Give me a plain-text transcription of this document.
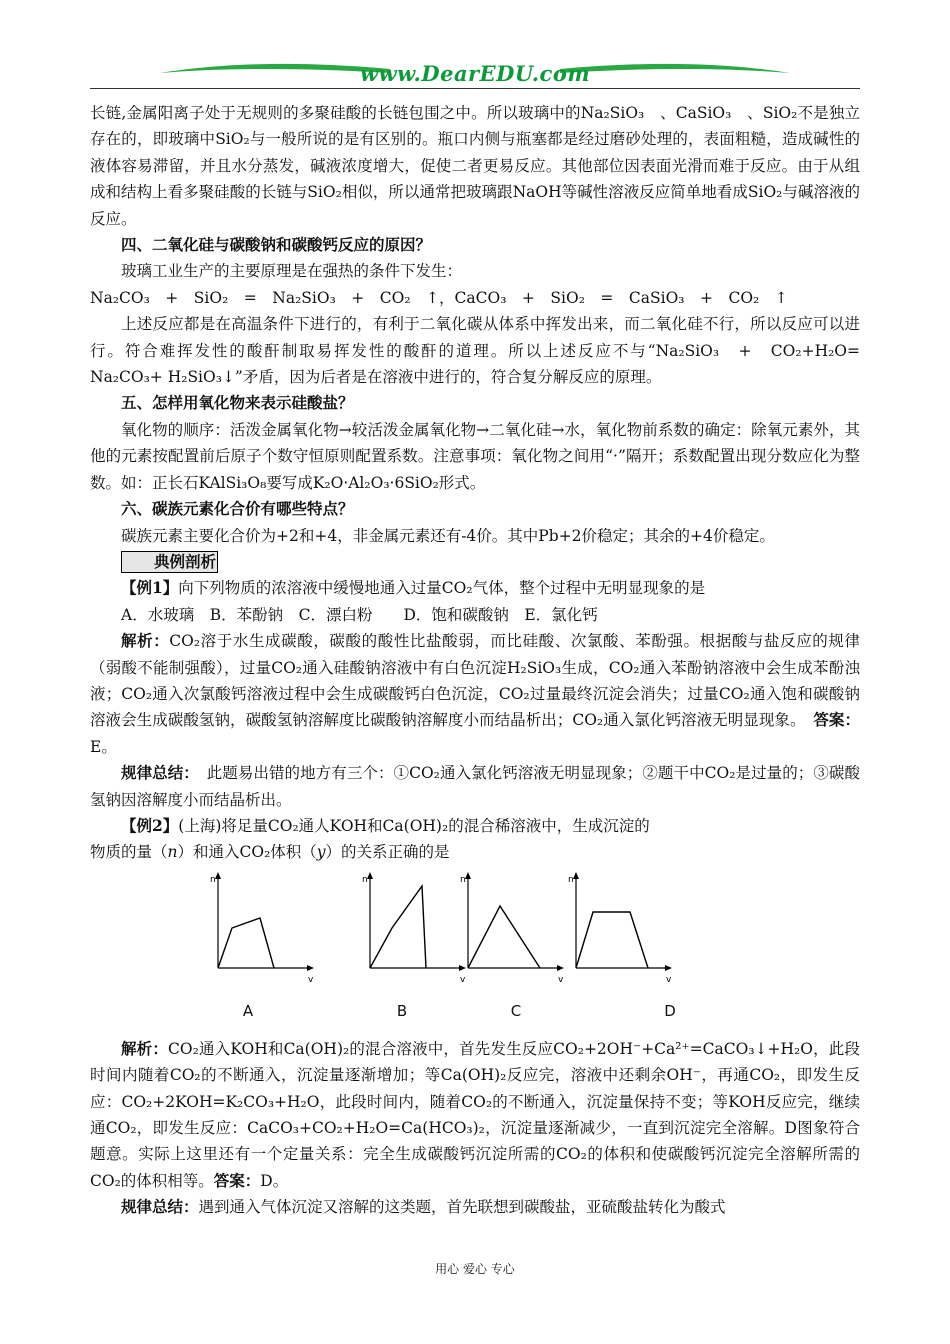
www.DearEDU.com

长链,金属阳离子处于无规则的多聚硅酸的长链包围之中。所以玻璃中的Na₂SiO₃　、CaSiO₃　、SiO₂不是独立存在的，即玻璃中SiO₂与一般所说的是有区别的。瓶口内侧与瓶塞都是经过磨砂处理的，表面粗糙，造成碱性的液体容易滞留，并且水分蒸发，碱液浓度增大，促使二者更易反应。其他部位因表面光滑而难于反应。由于从组成和结构上看多聚硅酸的长链与SiO₂相似，所以通常把玻璃跟NaOH等碱性溶液反应简单地看成SiO₂与碱溶液的反应。

四、二氧化硅与碳酸钠和碳酸钙反应的原因？

玻璃工业生产的主要原理是在强热的条件下发生：

Na₂CO₃　+　SiO₂　=　Na₂SiO₃　+　CO₂　↑，CaCO₃　+　SiO₂　=　CaSiO₃　+　CO₂　↑

上述反应都是在高温条件下进行的，有利于二氧化碳从体系中挥发出来，而二氧化硅不行，所以反应可以进行。符合难挥发性的酸酐制取易挥发性的酸酐的道理。所以上述反应不与“Na₂SiO₃　+　CO₂+H₂O= Na₂CO₃+ H₂SiO₃↓”矛盾，因为后者是在溶液中进行的，符合复分解反应的原理。

五、怎样用氧化物来表示硅酸盐？

氧化物的顺序：活泼金属氧化物→较活泼金属氧化物→二氧化硅→水，氧化物前系数的确定：除氧元素外，其他的元素按配置前后原子个数守恒原则配置系数。注意事项：氧化物之间用“·”隔开；系数配置出现分数应化为整数。如：正长石KAlSi₃O₈要写成K₂O·Al₂O₃·6SiO₂形式。

六、碳族元素化合价有哪些特点？

碳族元素主要化合价为+2和+4，非金属元素还有-4价。其中Pb+2价稳定；其余的+4价稳定。

典例剖析

【例1】向下列物质的浓溶液中缓慢地通入过量CO₂气体，整个过程中无明显现象的是

A．水玻璃　B．苯酚钠　C．漂白粉　　D．饱和碳酸钠　E．氯化钙

解析：CO₂溶于水生成碳酸，碳酸的酸性比盐酸弱，而比硅酸、次氯酸、苯酚强。根据酸与盐反应的规律（弱酸不能制强酸），过量CO₂通入硅酸钠溶液中有白色沉淀H₂SiO₃生成，CO₂通入苯酚钠溶液中会生成苯酚浊液；CO₂通入次氯酸钙溶液过程中会生成碳酸钙白色沉淀，CO₂过量最终沉淀会消失；过量CO₂通入饱和碳酸钠溶液会生成碳酸氢钠，碳酸氢钠溶解度比碳酸钠溶解度小而结晶析出；CO₂通入氯化钙溶液无明显现象。　 答案：E。

规律总结：　 此题易出错的地方有三个：①CO₂通入氯化钙溶液无明显现象；②题干中CO₂是过量的；③碳酸氢钠因溶解度小而结晶析出。

【例2】(上海)将足量CO₂通人KOH和Ca(OH)₂的混合稀溶液中，生成沉淀的

物质的量（n）和通入CO₂体积（y）的关系正确的是

n
v
n
v
n
v
n
v
A	B	C	D

解析：CO₂通入KOH和Ca(OH)₂的混合溶液中，首先发生反应CO₂+2OH⁻+Ca²⁺=CaCO₃↓+H₂O，此段时间内随着CO₂的不断通入，沉淀量逐渐增加；等Ca(OH)₂反应完，溶液中还剩余OH⁻，再通CO₂，即发生反应：CO₂+2KOH=K₂CO₃+H₂O，此段时间内，随着CO₂的不断通入，沉淀量保持不变；等KOH反应完，继续通CO₂，即发生反应：CaCO₃+CO₂+H₂O=Ca(HCO₃)₂，沉淀量逐渐减少，一直到沉淀完全溶解。D图象符合题意。实际上这里还有一个定量关系：完全生成碳酸钙沉淀所需的CO₂的体积和使碳酸钙沉淀完全溶解所需的CO₂的体积相等。答案：D。

规律总结：遇到通入气体沉淀又溶解的这类题，首先联想到碳酸盐，亚硫酸盐转化为酸式

用心 爱心 专心
